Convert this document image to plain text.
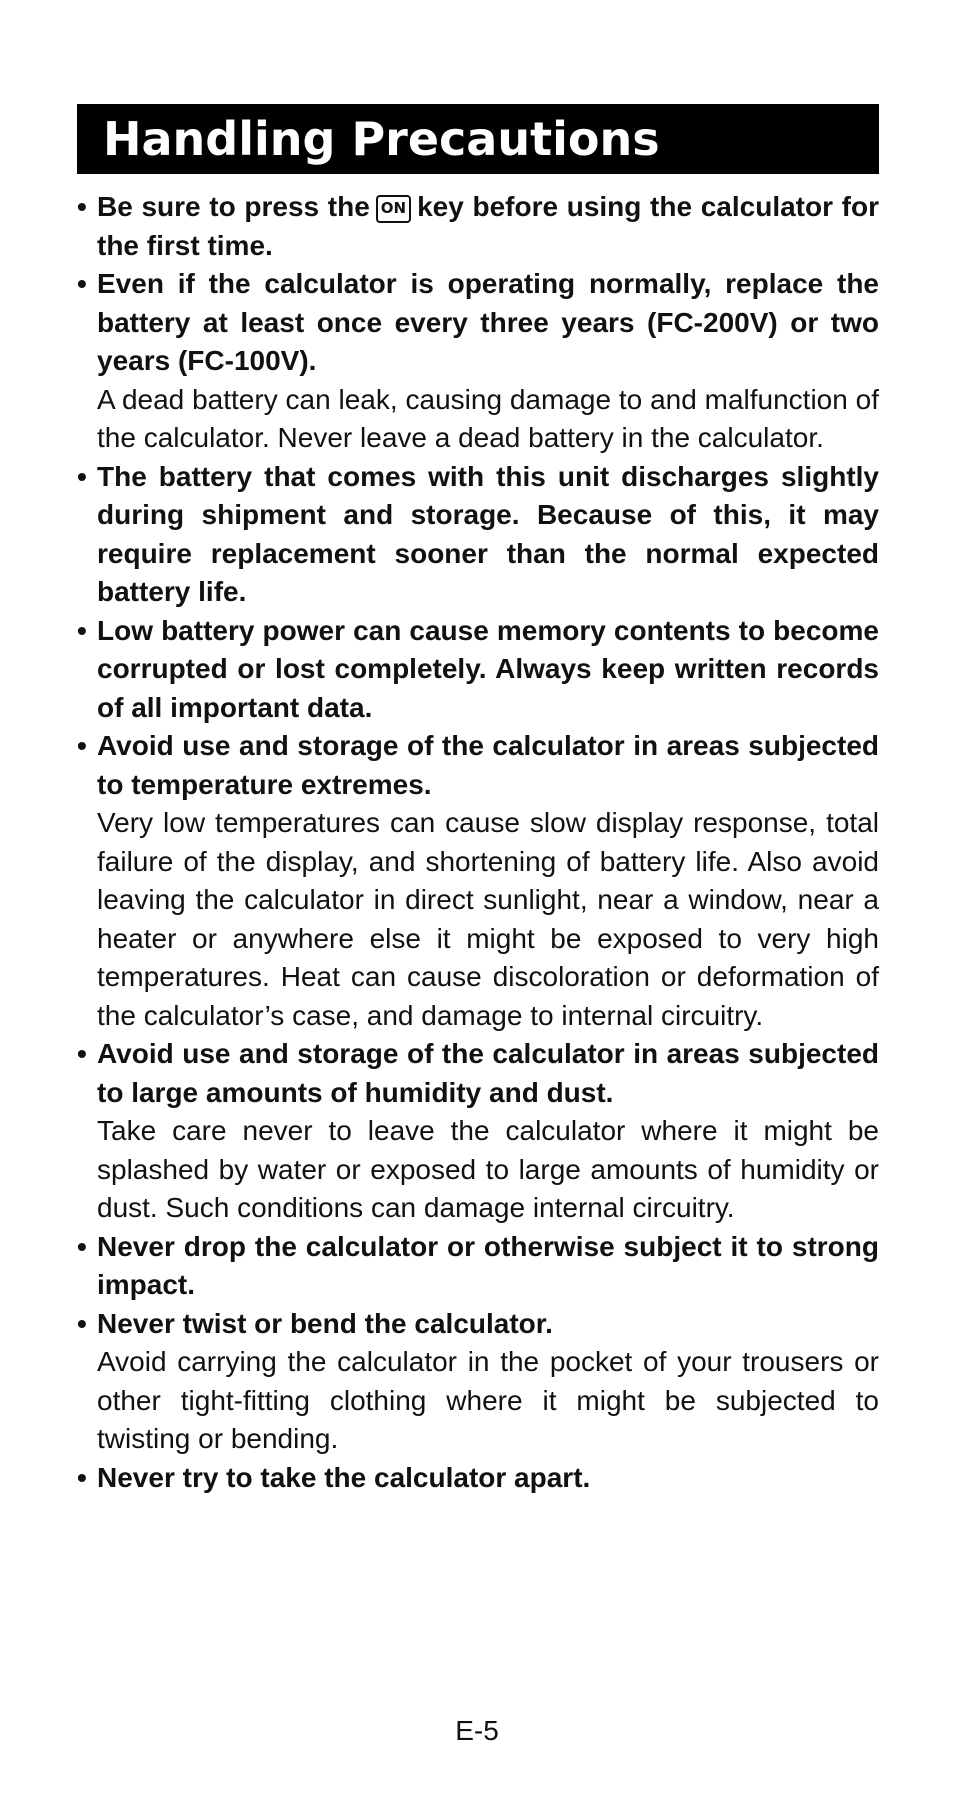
Handling Precautions
• Be sure to press the ON key before using the calculator for the first time.
• Even if the calculator is operating normally, replace the battery at least once every three years (FC-200V) or two years (FC-100V).
A dead battery can leak, causing damage to and malfunction of the calculator. Never leave a dead battery in the calculator.
• The battery that comes with this unit discharges slightly during shipment and storage. Because of this, it may require replacement sooner than the normal expected battery life.
• Low battery power can cause memory contents to become corrupted or lost completely. Always keep written records of all important data.
• Avoid use and storage of the calculator in areas subjected to temperature extremes.
Very low temperatures can cause slow display response, total failure of the display, and shortening of battery life. Also avoid leaving the calculator in direct sunlight, near a window, near a heater or anywhere else it might be exposed to very high temperatures. Heat can cause discoloration or deformation of the calculator’s case, and damage to internal circuitry.
• Avoid use and storage of the calculator in areas subjected to large amounts of humidity and dust.
Take care never to leave the calculator where it might be splashed by water or exposed to large amounts of humidity or dust. Such conditions can damage internal circuitry.
• Never drop the calculator or otherwise subject it to strong impact.
• Never twist or bend the calculator.
Avoid carrying the calculator in the pocket of your trousers or other tight-fitting clothing where it might be subjected to twisting or bending.
• Never try to take the calculator apart.
E-5
